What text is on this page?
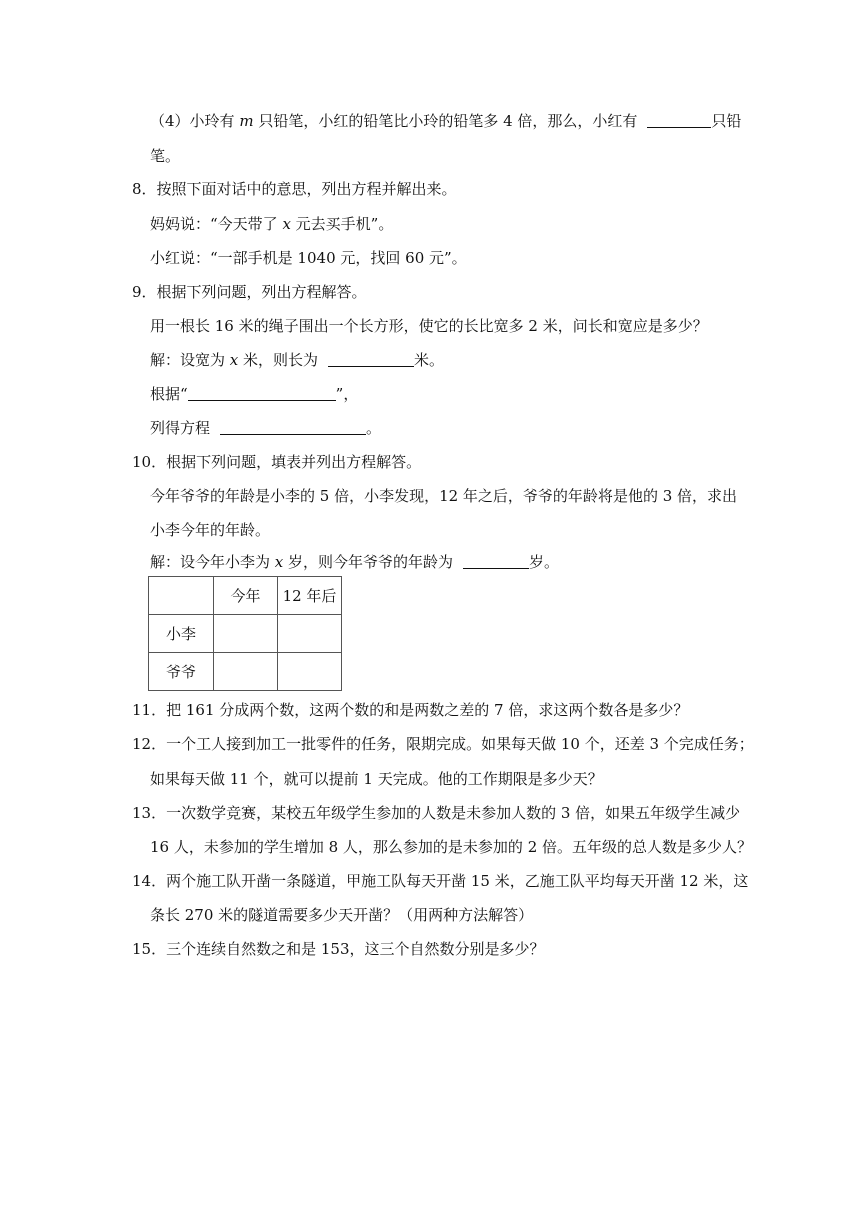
（4）小玲有 m 只铅笔，小红的铅笔比小玲的铅笔多 4 倍，那么，小红有	只铅
笔。
8．按照下面对话中的意思，列出方程并解出来。
妈妈说：“今天带了 x 元去买手机”。
小红说：“一部手机是 1040 元，找回 60 元”。
9．根据下列问题，列出方程解答。
用一根长 16 米的绳子围出一个长方形，使它的长比宽多 2 米，问长和宽应是多少？
解：设宽为 x 米，则长为	米。
根据“	”，
列得方程	。
10．根据下列问题，填表并列出方程解答。
今年爷爷的年龄是小李的 5 倍，小李发现，12 年之后，爷爷的年龄将是他的 3 倍，求出
小李今年的年龄。
解：设今年小李为 x 岁，则今年爷爷的年龄为	岁。
	今年	12 年后
小李		
爷爷		
11．把 161 分成两个数，这两个数的和是两数之差的 7 倍，求这两个数各是多少？
12．一个工人接到加工一批零件的任务，限期完成。如果每天做 10 个，还差 3 个完成任务；
如果每天做 11 个，就可以提前 1 天完成。他的工作期限是多少天？
13．一次数学竞赛，某校五年级学生参加的人数是未参加人数的 3 倍，如果五年级学生减少
16 人，未参加的学生增加 8 人，那么参加的是未参加的 2 倍。五年级的总人数是多少人？
14．两个施工队开凿一条隧道，甲施工队每天开凿 15 米，乙施工队平均每天开凿 12 米，这
条长 270 米的隧道需要多少天开凿？（用两种方法解答）
15．三个连续自然数之和是 153，这三个自然数分别是多少？
